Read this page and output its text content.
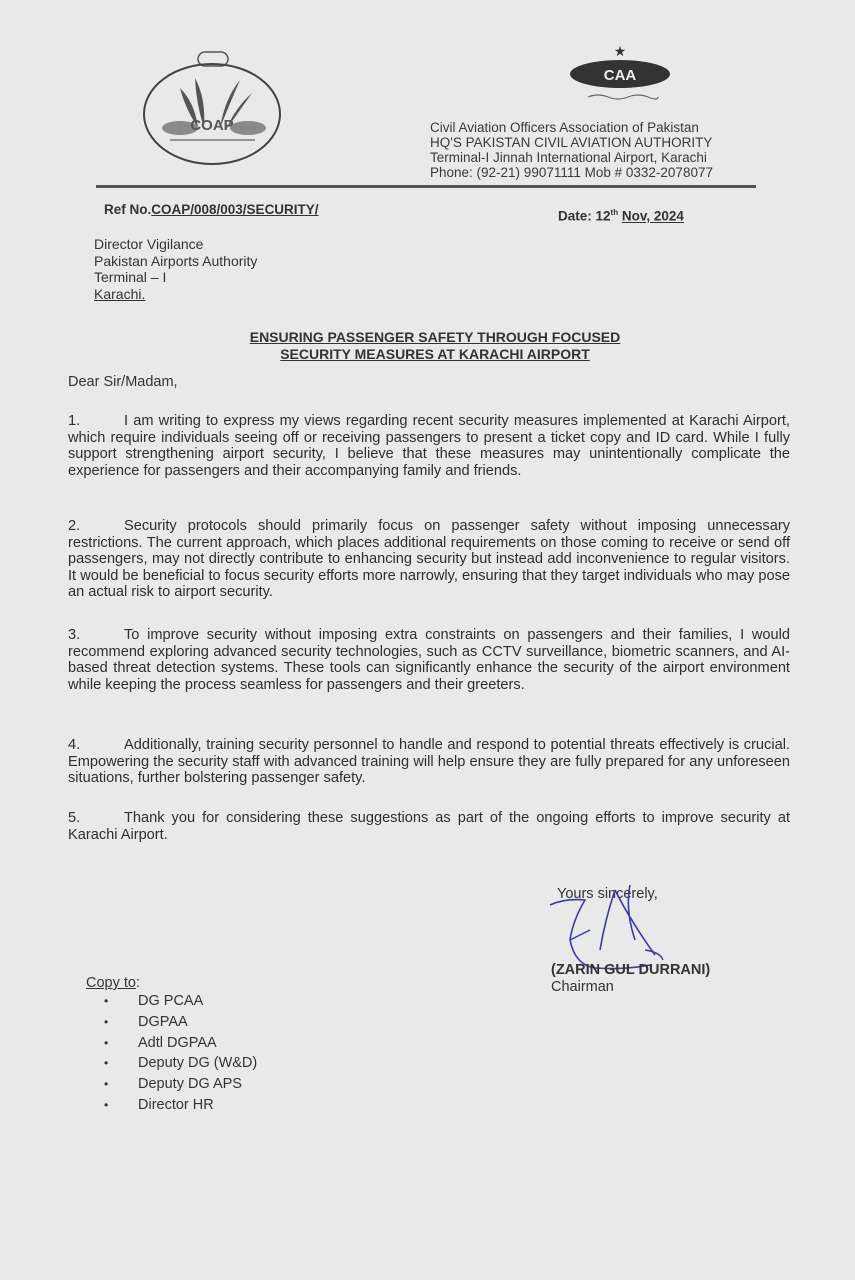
COAP
★
CAA
Civil Aviation Officers Association of Pakistan
HQ'S PAKISTAN CIVIL AVIATION AUTHORITY
Terminal-I Jinnah International Airport, Karachi
Phone: (92-21) 99071111 Mob # 0332-2078077
Ref No.COAP/008/003/SECURITY/	Date: 12th Nov, 2024
Director Vigilance
Pakistan Airports Authority
Terminal – I
Karachi.
ENSURING PASSENGER SAFETY THROUGH FOCUSED
SECURITY MEASURES AT KARACHI AIRPORT
Dear Sir/Madam,
1.	I am writing to express my views regarding recent security measures implemented at Karachi Airport, which require individuals seeing off or receiving passengers to present a ticket copy and ID card. While I fully support strengthening airport security, I believe that these measures may unintentionally complicate the experience for passengers and their accompanying family and friends.
2.	Security protocols should primarily focus on passenger safety without imposing unnecessary restrictions. The current approach, which places additional requirements on those coming to receive or send off passengers, may not directly contribute to enhancing security but instead add inconvenience to regular visitors. It would be beneficial to focus security efforts more narrowly, ensuring that they target individuals who may pose an actual risk to airport security.
3.	To improve security without imposing extra constraints on passengers and their families, I would recommend exploring advanced security technologies, such as CCTV surveillance, biometric scanners, and AI-based threat detection systems. These tools can significantly enhance the security of the airport environment while keeping the process seamless for passengers and their greeters.
4.	Additionally, training security personnel to handle and respond to potential threats effectively is crucial. Empowering the security staff with advanced training will help ensure they are fully prepared for any unforeseen situations, further bolstering passenger safety.
5.	Thank you for considering these suggestions as part of the ongoing efforts to improve security at Karachi Airport.
Yours sincerely,
(ZARIN GUL DURRANI)
Chairman
Copy to:
• DG PCAA
• DGPAA
• Adtl DGPAA
• Deputy DG (W&D)
• Deputy DG APS
• Director HR
